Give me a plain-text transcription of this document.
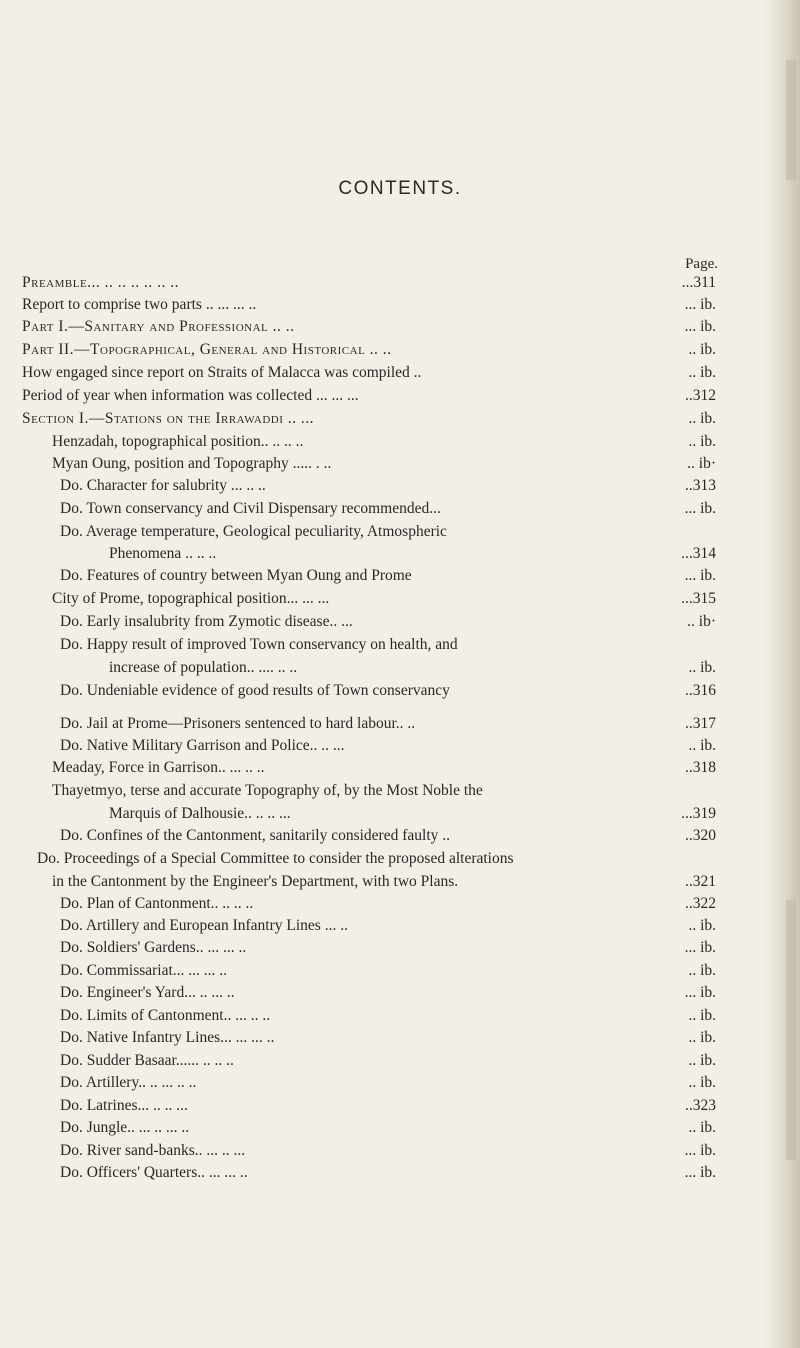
CONTENTS.
Page.
Preamble... .. .. .. .. .. ..	...311
Report to comprise two parts .. ... ... ..	... ib.
Part I.—Sanitary and Professional .. ..	... ib.
Part II.—Topographical, General and Historical .. ..	.. ib.
How engaged since report on Straits of Malacca was compiled ..	.. ib.
Period of year when information was collected ... ... ...	..312
Section I.—Stations on the Irrawaddi .. ...	.. ib.
Henzadah, topographical position.. .. .. ..	.. ib.
Myan Oung, position and Topography ..... . ..	.. ib·
Do. Character for salubrity ... .. ..	..313
Do. Town conservancy and Civil Dispensary recommended...	... ib.
Do. Average temperature, Geological peculiarity, Atmospheric
Phenomena .. .. ..	...314
Do. Features of country between Myan Oung and Prome	... ib.
City of Prome, topographical position... ... ...	...315
Do. Early insalubrity from Zymotic disease.. ...	.. ib·
Do. Happy result of improved Town conservancy on health, and
increase of population.. .... .. ..	.. ib.
Do. Undeniable evidence of good results of Town conservancy	..316
Do. Jail at Prome—Prisoners sentenced to hard labour.. ..	..317
Do. Native Military Garrison and Police.. .. ...	.. ib.
Meaday, Force in Garrison.. ... .. ..	..318
Thayetmyo, terse and accurate Topography of, by the Most Noble the
Marquis of Dalhousie.. .. .. ...	...319
Do. Confines of the Cantonment, sanitarily considered faulty ..	..320
Do. Proceedings of a Special Committee to consider the proposed alterations
in the Cantonment by the Engineer's Department, with two Plans.	..321
Do. Plan of Cantonment.. .. .. ..	..322
Do. Artillery and European Infantry Lines ... ..	.. ib.
Do. Soldiers' Gardens.. ... ... ..	... ib.
Do. Commissariat... ... ... ..	.. ib.
Do. Engineer's Yard... .. ... ..	... ib.
Do. Limits of Cantonment.. ... .. ..	.. ib.
Do. Native Infantry Lines... ... ... ..	.. ib.
Do. Sudder Basaar...... .. .. ..	.. ib.
Do. Artillery.. .. ... .. ..	.. ib.
Do. Latrines... .. .. ...	..323
Do. Jungle.. ... .. ... ..	.. ib.
Do. River sand-banks.. ... .. ...	... ib.
Do. Officers' Quarters.. ... ... ..	... ib.
